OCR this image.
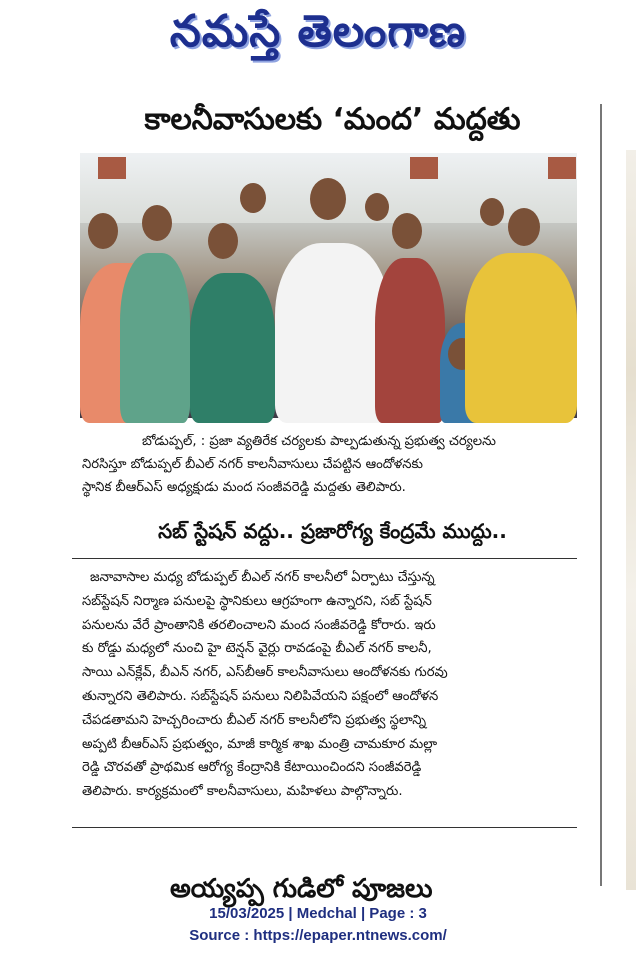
నమస్తే తెలంగాణ
కాలనీవాసులకు ‘మంద’ మద్దతు
బోడుప్పల్, : ప్రజా వ్యతిరేక చర్యలకు పాల్పడుతున్న ప్రభుత్వ చర్యలను
నిరసిస్తూ బోడుప్పల్ బీఎల్ నగర్ కాలనీవాసులు చేపట్టిన ఆందోళనకు
స్థానిక బీఆర్ఎస్ అధ్యక్షుడు మంద సంజీవరెడ్డి మద్దతు తెలిపారు.
సబ్ స్టేషన్ వద్దు.. ప్రజారోగ్య కేంద్రమే ముద్దు..
జనావాసాల మధ్య బోడుప్పల్ బీఎల్ నగర్ కాలనీలో ఏర్పాటు చేస్తున్న
సబ్‌స్టేషన్ నిర్మాణ పనులపై స్థానికులు ఆగ్రహంగా ఉన్నారని, సబ్ స్టేషన్
పనులను వేరే ప్రాంతానికి తరలించాలని మంద సంజీవరెడ్డి కోరారు. ఇరు
కు రోడ్డు మధ్యలో నుంచి హై టెన్షన్ వైర్లు రావడంపై బీఎల్ నగర్ కాలనీ,
సాయి ఎన్‌క్లేవ్, బీఎన్ నగర్, ఎస్‌బీఆర్ కాలనీవాసులు ఆందోళనకు గురవు
తున్నారని తెలిపారు. సబ్‌స్టేషన్ పనులు నిలిపివేయని పక్షంలో ఆందోళన
చేపడతామని హెచ్చరించారు బీఎల్ నగర్ కాలనీలోని ప్రభుత్వ స్థలాన్ని
అప్పటి బీఆర్ఎస్ ప్రభుత్వం, మాజీ కార్మిక శాఖ మంత్రి చామకూర మల్లా
రెడ్డి చొరవతో ప్రాథమిక ఆరోగ్య కేంద్రానికి కేటాయించిందని సంజీవరెడ్డి
తెలిపారు. కార్యక్రమంలో కాలనీవాసులు, మహిళలు పాల్గొన్నారు.
అయ్యప్ప గుడిలో పూజలు
15/03/2025 | Medchal | Page : 3
Source : https://epaper.ntnews.com/
